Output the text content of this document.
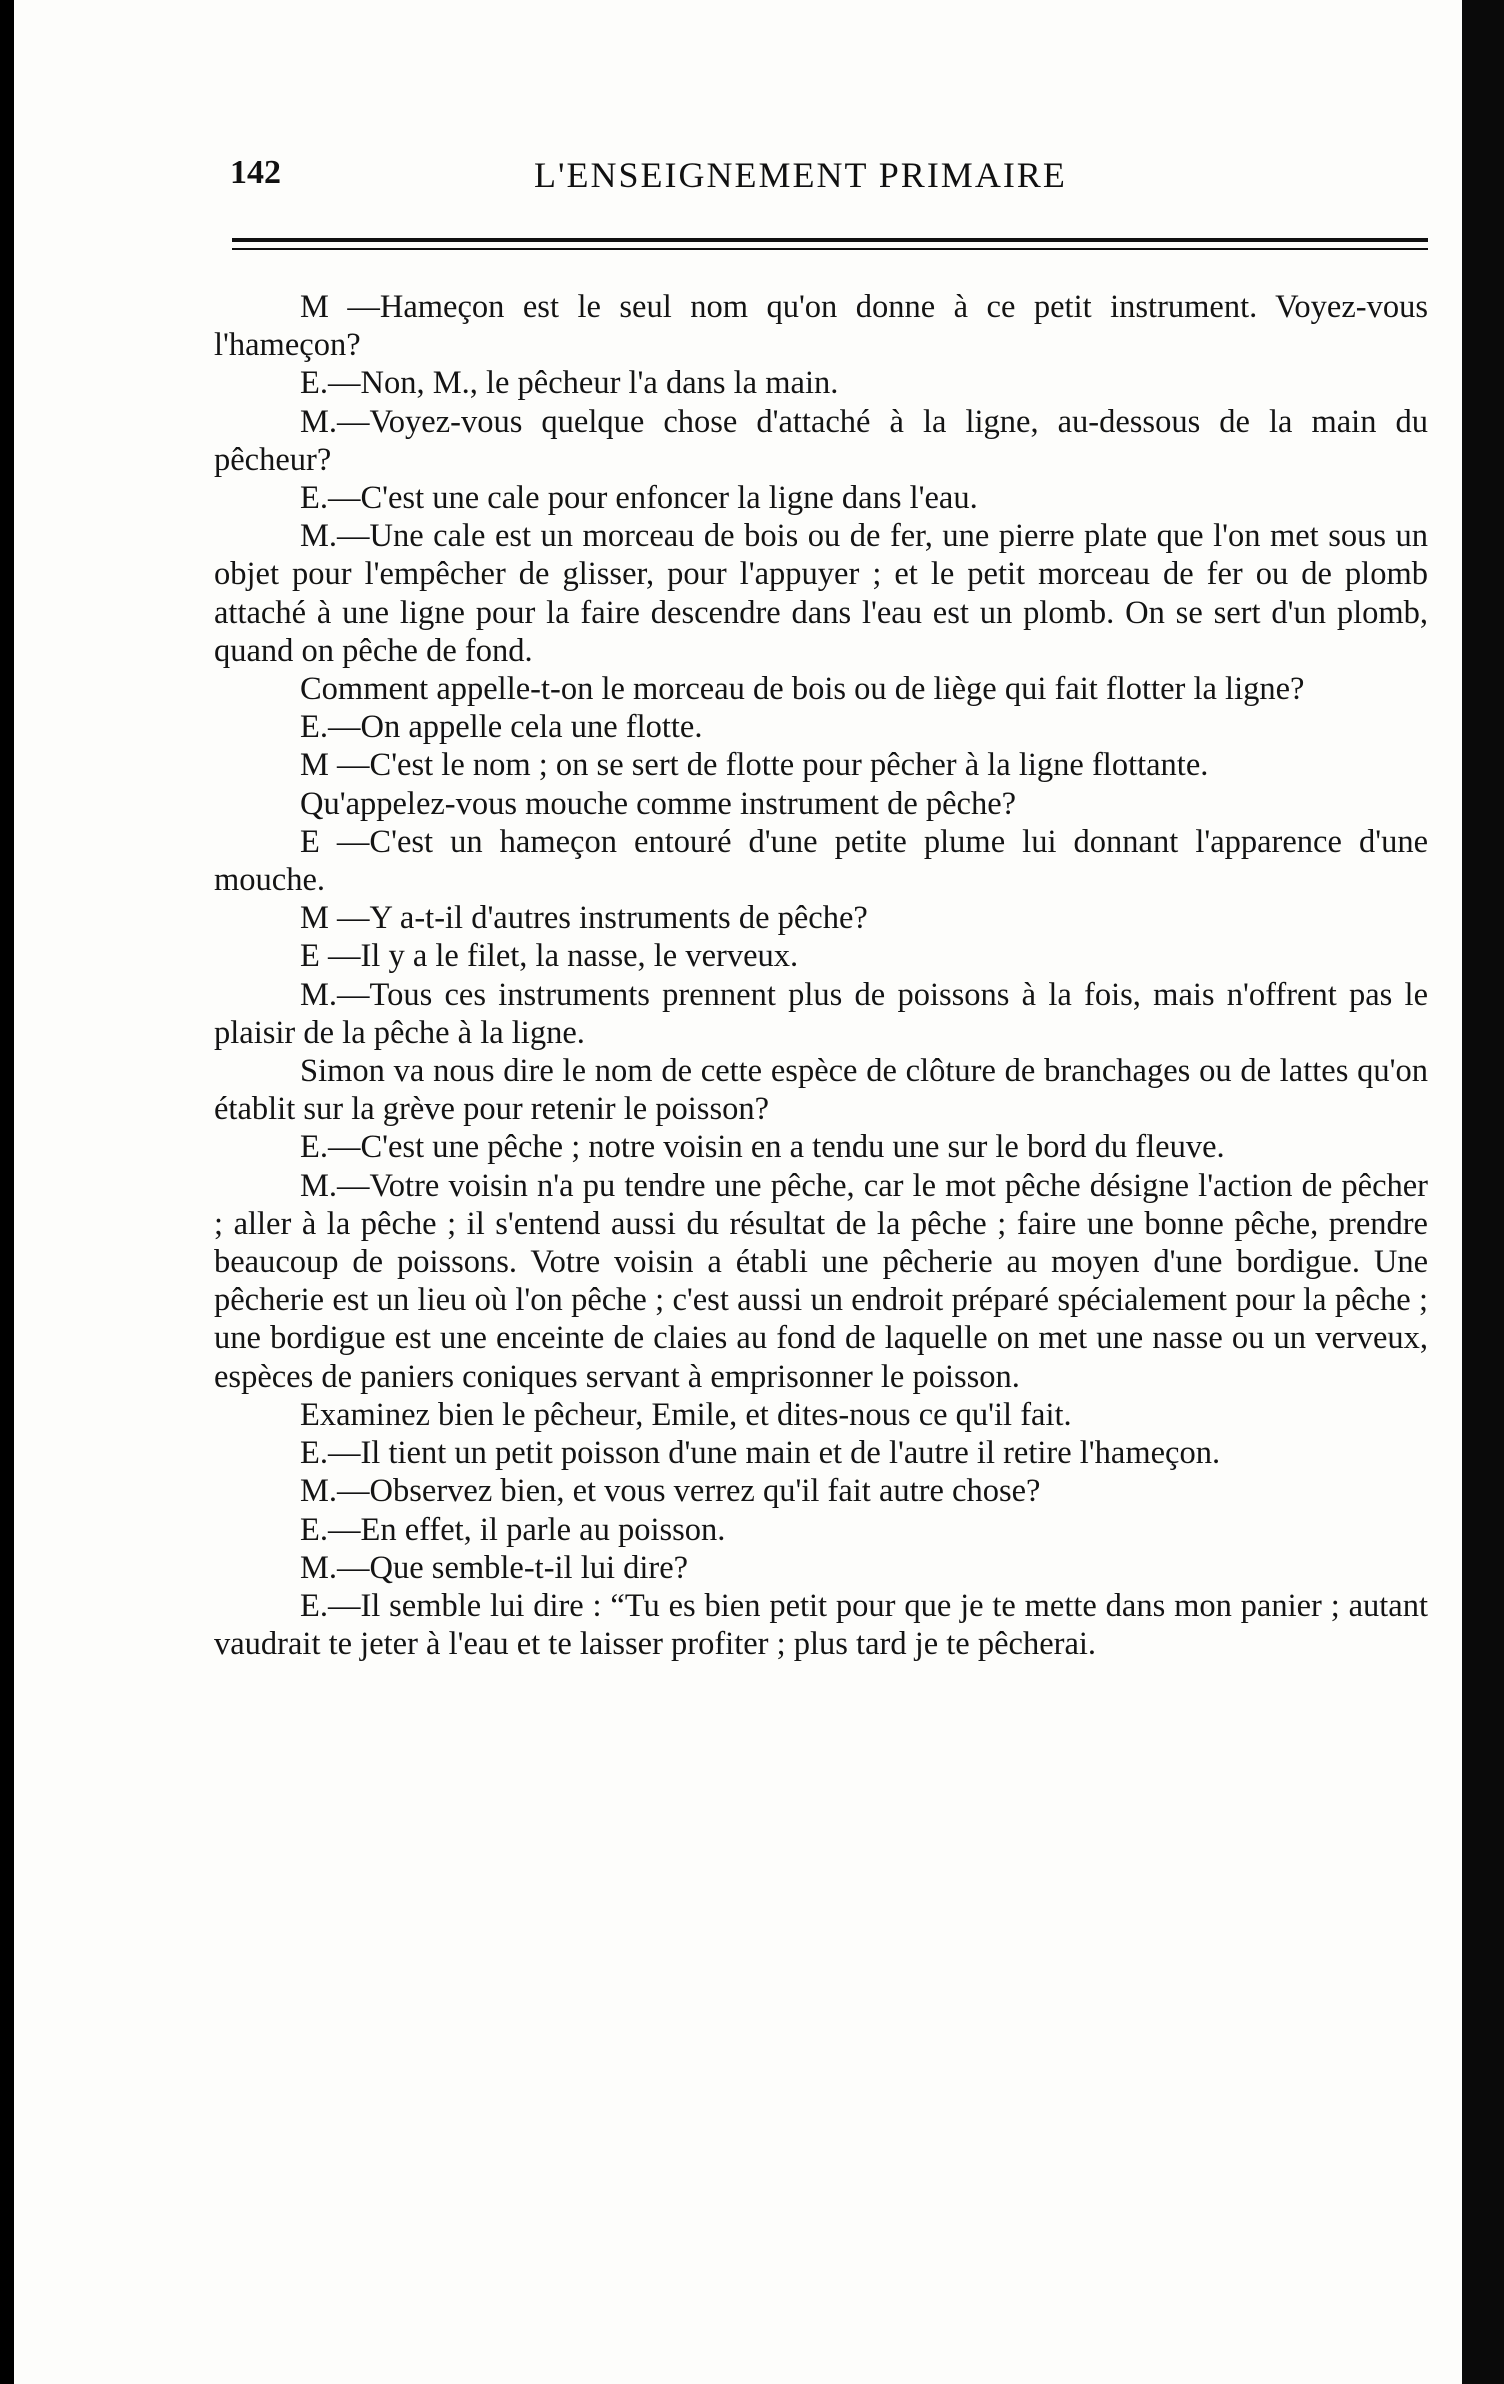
142	L'ENSEIGNEMENT PRIMAIRE

M —Hameçon est le seul nom qu'on donne à ce petit instrument. Voyez-vous l'hameçon?

E.—Non, M., le pêcheur l'a dans la main.

M.—Voyez-vous quelque chose d'attaché à la ligne, au-dessous de la main du pêcheur?

E.—C'est une cale pour enfoncer la ligne dans l'eau.

M.—Une cale est un morceau de bois ou de fer, une pierre plate que l'on met sous un objet pour l'empêcher de glisser, pour l'appuyer ; et le petit morceau de fer ou de plomb attaché à une ligne pour la faire descendre dans l'eau est un plomb. On se sert d'un plomb, quand on pêche de fond.

Comment appelle-t-on le morceau de bois ou de liège qui fait flotter la ligne?

E.—On appelle cela une flotte.

M —C'est le nom ; on se sert de flotte pour pêcher à la ligne flottante.

Qu'appelez-vous mouche comme instrument de pêche?

E —C'est un hameçon entouré d'une petite plume lui donnant l'apparence d'une mouche.

M —Y a-t-il d'autres instruments de pêche?

E —Il y a le filet, la nasse, le verveux.

M.—Tous ces instruments prennent plus de poissons à la fois, mais n'offrent pas le plaisir de la pêche à la ligne.

Simon va nous dire le nom de cette espèce de clôture de branchages ou de lattes qu'on établit sur la grève pour retenir le poisson?

E.—C'est une pêche ; notre voisin en a tendu une sur le bord du fleuve.

M.—Votre voisin n'a pu tendre une pêche, car le mot pêche désigne l'action de pêcher ; aller à la pêche ; il s'entend aussi du résultat de la pêche ; faire une bonne pêche, prendre beaucoup de poissons. Votre voisin a établi une pêcherie au moyen d'une bordigue. Une pêcherie est un lieu où l'on pêche ; c'est aussi un endroit préparé spécialement pour la pêche ; une bordigue est une enceinte de claies au fond de laquelle on met une nasse ou un verveux, espèces de paniers coniques servant à emprisonner le poisson.

Examinez bien le pêcheur, Emile, et dites-nous ce qu'il fait.

E.—Il tient un petit poisson d'une main et de l'autre il retire l'hameçon.

M.—Observez bien, et vous verrez qu'il fait autre chose?

E.—En effet, il parle au poisson.

M.—Que semble-t-il lui dire?

E.—Il semble lui dire : “Tu es bien petit pour que je te mette dans mon panier ; autant vaudrait te jeter à l'eau et te laisser profiter ; plus tard je te pêcherai.
